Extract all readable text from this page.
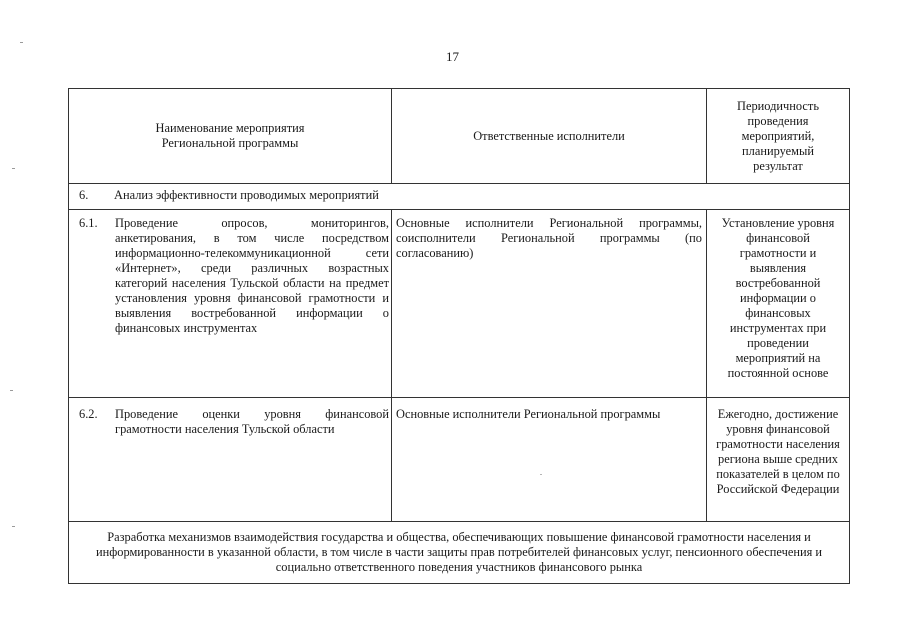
17
Наименование мероприятия Региональной программы
Ответственные исполнители
Периодичность проведения мероприятий, планируемый результат
6. Анализ эффективности проводимых мероприятий
6.1. Проведение опросов, мониторингов, анкетирования, в том числе посредством информационно-телекоммуникационной сети «Интернет», среди различных возрастных категорий населения Тульской области на предмет установления уровня финансовой грамотности и выявления востребованной информации о финансовых инструментах
Основные исполнители Региональной программы, соисполнители Региональной программы (по согласованию)
Установление уровня финансовой грамотности и выявления востребованной информации о финансовых инструментах при проведении мероприятий на постоянной основе
6.2. Проведение оценки уровня финансовой грамотности населения Тульской области
Основные исполнители Региональной программы	Ежегодно, достижение уровня финансовой грамотности населения региона выше средних показателей в целом по Российской Федерации
Разработка механизмов взаимодействия государства и общества, обеспечивающих повышение финансовой грамотности населения и информированности в указанной области, в том числе в части защиты прав потребителей финансовых услуг, пенсионного обеспечения и социально ответственного поведения участников финансового рынка
